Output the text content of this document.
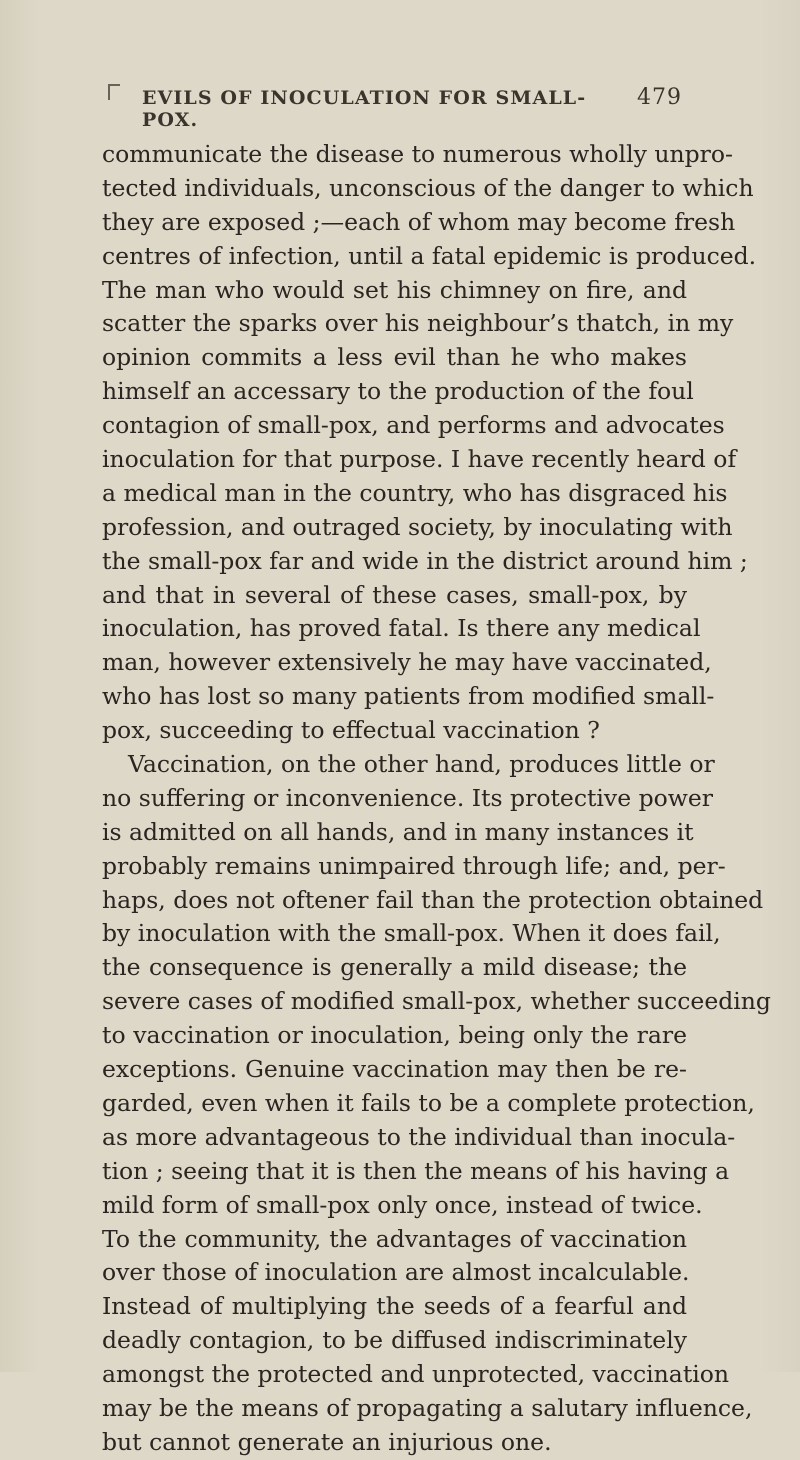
EVILS OF INOCULATION FOR SMALL-POX.
479
communicate the disease to numerous wholly unpro-
tected individuals, unconscious of the danger to which
they are exposed ;—each of whom may become fresh
centres of infection, until a fatal epidemic is produced.
The man who would set his chimney on fire, and
scatter the sparks over his neighbour’s thatch, in my
opinion commits a less evil than he who makes
himself an accessary to the production of the foul
contagion of small-pox, and performs and advocates
inoculation for that purpose. I have recently heard of
a medical man in the country, who has disgraced his
profession, and outraged society, by inoculating with
the small-pox far and wide in the district around him ;
and that in several of these cases, small-pox, by
inoculation, has proved fatal. Is there any medical
man, however extensively he may have vaccinated,
who has lost so many patients from modified small-
pox, succeeding to effectual vaccination ?
Vaccination, on the other hand, produces little or
no suffering or inconvenience. Its protective power
is admitted on all hands, and in many instances it
probably remains unimpaired through life; and, per-
haps, does not oftener fail than the protection obtained
by inoculation with the small-pox. When it does fail,
the consequence is generally a mild disease; the
severe cases of modified small-pox, whether succeeding
to vaccination or inoculation, being only the rare
exceptions. Genuine vaccination may then be re-
garded, even when it fails to be a complete protection,
as more advantageous to the individual than inocula-
tion ; seeing that it is then the means of his having a
mild form of small-pox only once, instead of twice.
To the community, the advantages of vaccination
over those of inoculation are almost incalculable.
Instead of multiplying the seeds of a fearful and
deadly contagion, to be diffused indiscriminately
amongst the protected and unprotected, vaccination
may be the means of propagating a salutary influence,
but cannot generate an injurious one.
